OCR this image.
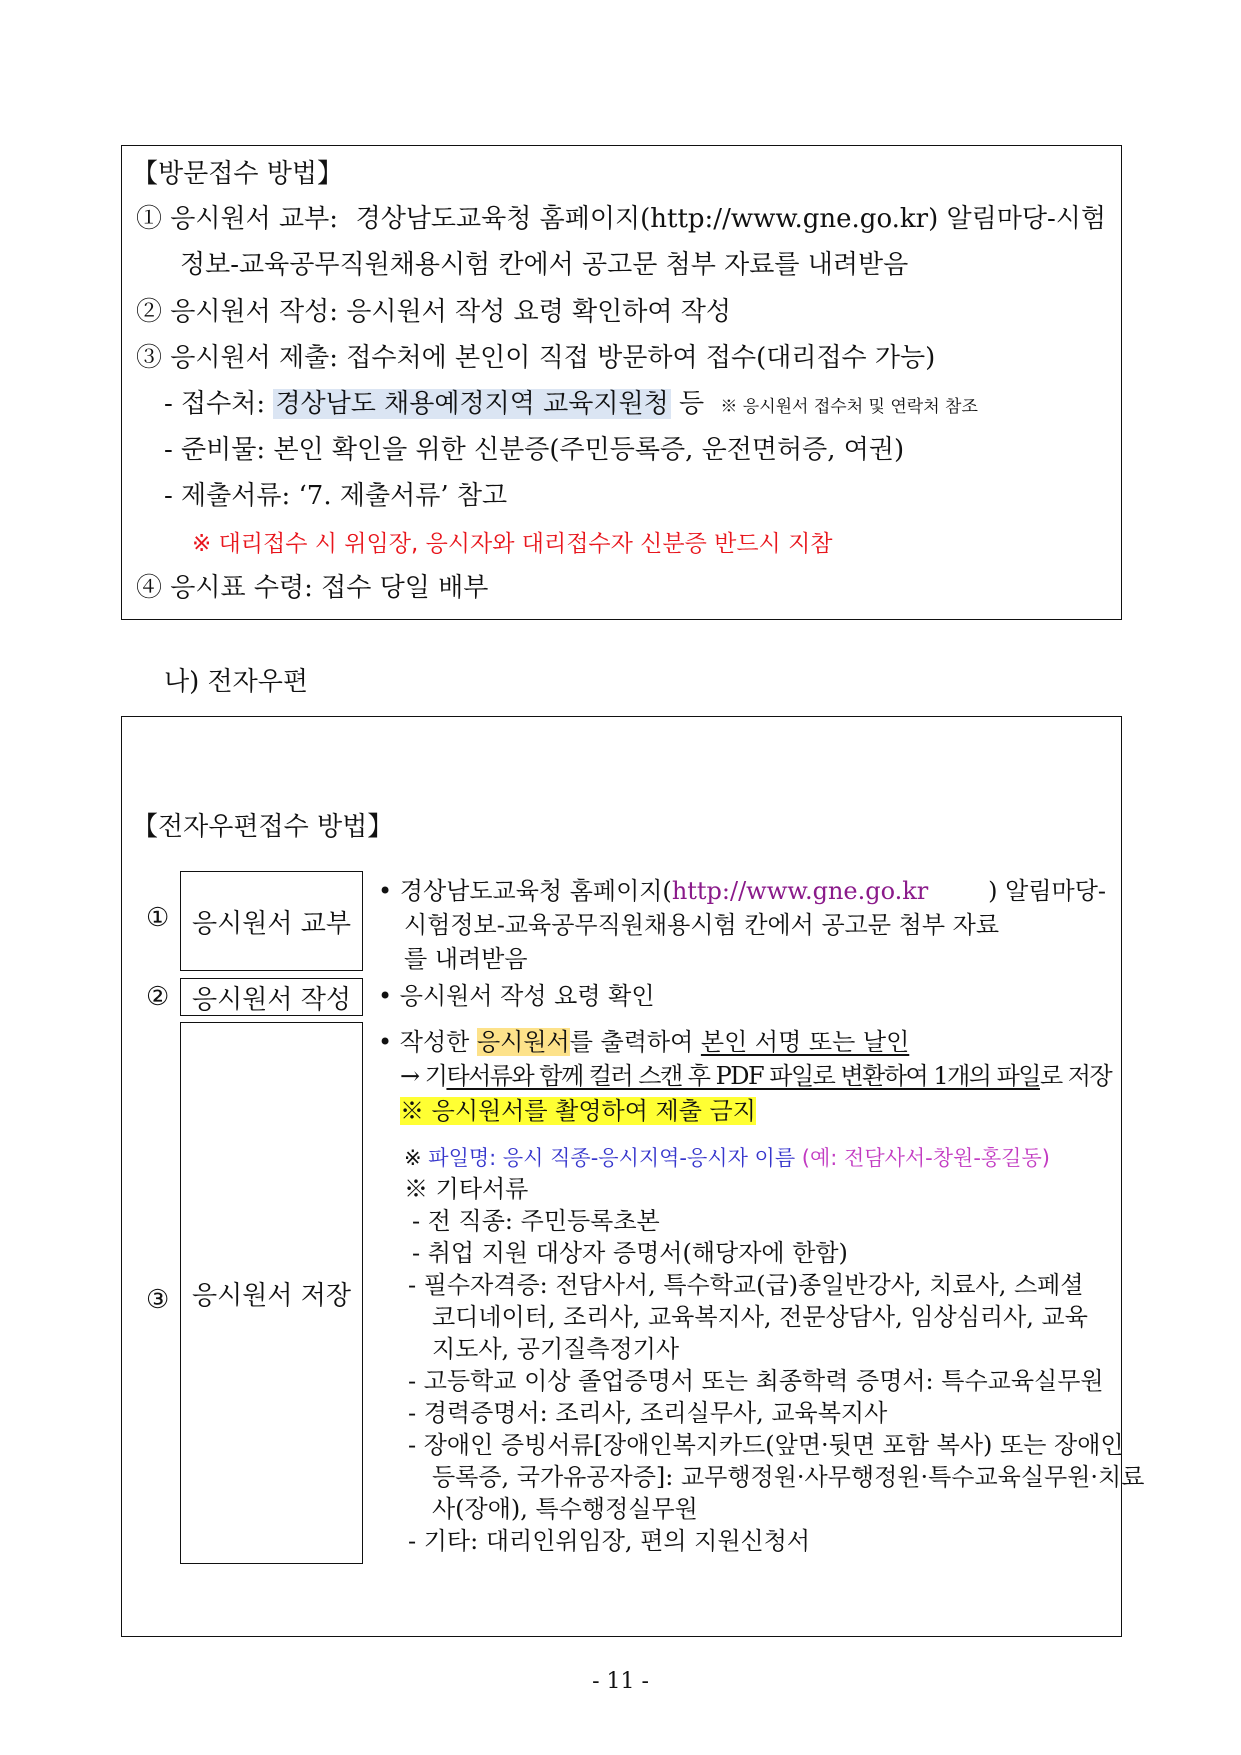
【방문접수 방법】
① 응시원서 교부: 경상남도교육청 홈페이지(http://www.gne.go.kr) 알림마당-시험
정보-교육공무직원채용시험 칸에서 공고문 첨부 자료를 내려받음
② 응시원서 작성: 응시원서 작성 요령 확인하여 작성
③ 응시원서 제출: 접수처에 본인이 직접 방문하여 접수(대리접수 가능)
- 접수처: 경상남도 채용예정지역 교육지원청 등 ※ 응시원서 접수처 및 연락처 참조
- 준비물: 본인 확인을 위한 신분증(주민등록증, 운전면허증, 여권)
- 제출서류: ‘7. 제출서류’ 참고
※ 대리접수 시 위임장, 응시자와 대리접수자 신분증 반드시 지참
④ 응시표 수령: 접수 당일 배부
나) 전자우편
【전자우편접수 방법】
① 응시원서 교부
② 응시원서 작성
③ 응시원서 저장
• 경상남도교육청 홈페이지(http://www.gne.go.kr ) 알림마당-
시험정보-교육공무직원채용시험 칸에서 공고문 첨부 자료
를 내려받음
• 응시원서 작성 요령 확인
• 작성한 응시원서를 출력하여 본인 서명 또는 날인
→ 기타서류와 함께 컬러 스캔 후 PDF 파일로 변환하여 1개의 파일로 저장
※ 응시원서를 촬영하여 제출 금지
※ 파일명: 응시 직종-응시지역-응시자 이름 (예: 전담사서-창원-홍길동)
※ 기타서류
- 전 직종: 주민등록초본
- 취업 지원 대상자 증명서(해당자에 한함)
- 필수자격증: 전담사서, 특수학교(급)종일반강사, 치료사, 스페셜
코디네이터, 조리사, 교육복지사, 전문상담사, 임상심리사, 교육
지도사, 공기질측정기사
- 고등학교 이상 졸업증명서 또는 최종학력 증명서: 특수교육실무원
- 경력증명서: 조리사, 조리실무사, 교육복지사
- 장애인 증빙서류[장애인복지카드(앞면·뒷면 포함 복사) 또는 장애인
등록증, 국가유공자증]: 교무행정원·사무행정원·특수교육실무원·치료
사(장애), 특수행정실무원
- 기타: 대리인위임장, 편의 지원신청서
- 11 -
